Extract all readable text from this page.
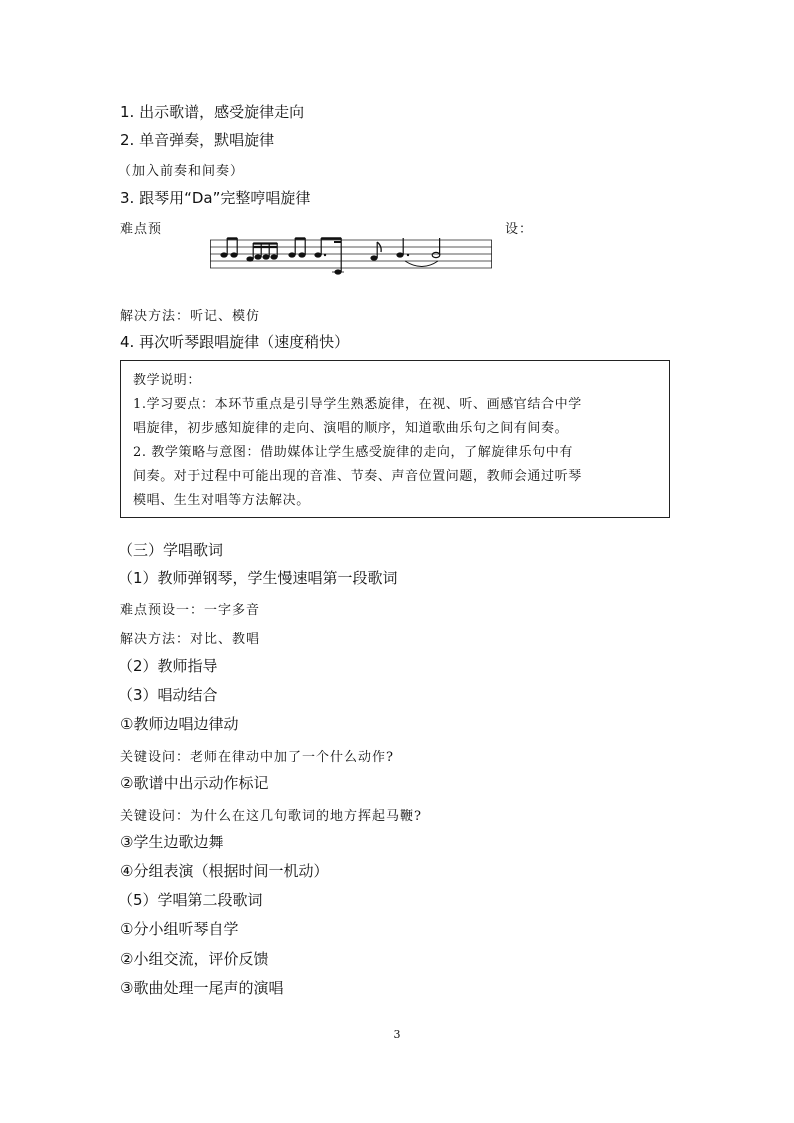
1. 出示歌谱，感受旋律走向
2. 单音弹奏，默唱旋律
（加入前奏和间奏）
3. 跟琴用“Da”完整哼唱旋律
难点预	设：
解决方法：听记、模仿
4. 再次听琴跟唱旋律（速度稍快）

教学说明：

1.学习要点：本环节重点是引导学生熟悉旋律，在视、听、画感官结合中学

唱旋律，初步感知旋律的走向、演唱的顺序，知道歌曲乐句之间有间奏。

2. 教学策略与意图：借助媒体让学生感受旋律的走向，了解旋律乐句中有

间奏。对于过程中可能出现的音准、节奏、声音位置问题，教师会通过听琴

模唱、生生对唱等方法解决。

（三）学唱歌词
（1）教师弹钢琴，学生慢速唱第一段歌词
难点预设一：一字多音
解决方法：对比、教唱
（2）教师指导
（3）唱动结合
①教师边唱边律动
关键设问：老师在律动中加了一个什么动作?
②歌谱中出示动作标记
关键设问：为什么在这几句歌词的地方挥起马鞭?
③学生边歌边舞
④分组表演（根据时间一机动）
（5）学唱第二段歌词
①分小组听琴自学
②小组交流，评价反馈
③歌曲处理一尾声的演唱
3
